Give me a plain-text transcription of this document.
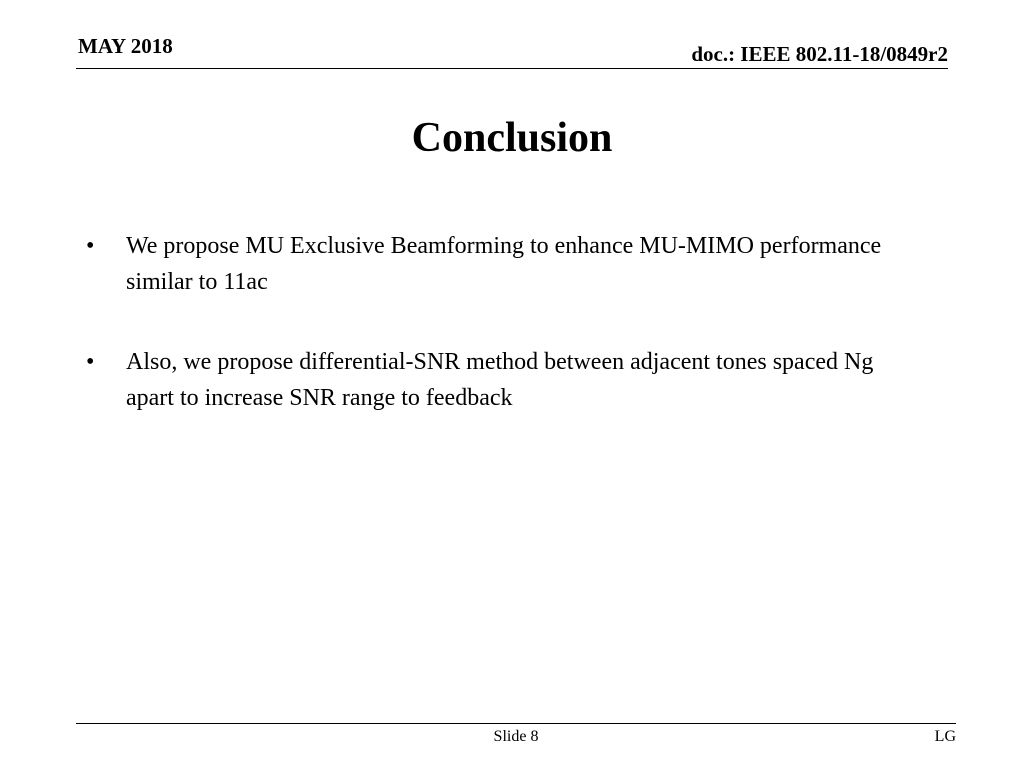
MAY 2018	doc.: IEEE 802.11-18/0849r2
Conclusion
•	We propose MU Exclusive Beamforming to enhance MU-MIMO performance similar to 11ac
•	Also, we propose differential-SNR method between adjacent tones spaced Ng apart to increase SNR range to feedback
Slide 8	LG
